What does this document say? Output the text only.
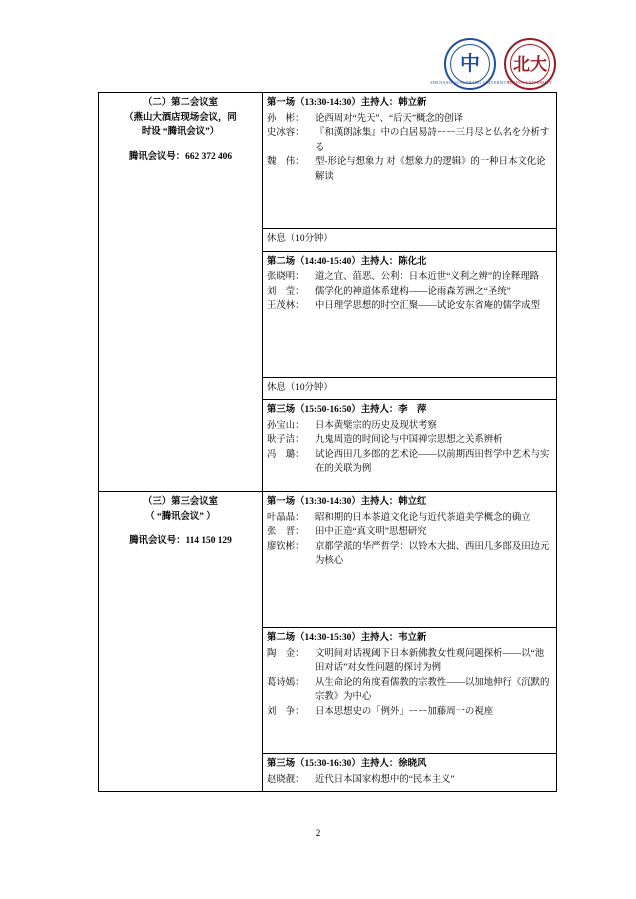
中
ZHEJIANG GONGSHANG UNIVERSITY
北大
PEKING UNIVERSITY
（二）第二会议室
（燕山大酒店现场会议，同
时设 “腾讯会议”）
腾讯会议号：662 372 406

第一场（13:30-14:30）主持人：韩立新
孙　彬：	论西周对“先天”、“后天”概念的创译
史冰容：	『和漢朗詠集』中の白居易詩ーー三月尽と仏名を分析する
魏　伟：	型-形论与想象力 对《想象力的逻辑》的一种日本文化论解读

	休息（10分钟）

第二场（14:40-15:40）主持人：陈化北
张晓明：	道之宜、菹恶、公利：日本近世“义利之辨”的诠释理路
刘　莹：	儒学化的神道体系建构——论雨森芳洲之“圣统”
王茂林：	中日理学思想的时空汇聚——试论安东省庵的儒学成型

	休息（10分钟）

第三场（15:50-16:50）主持人：李　萍
孙宝山：	日本黄檗宗的历史及现状考察
耿子洁：	九鬼周造的时间论与中国禅宗思想之关系辨析
冯　璐：	试论西田几多郎的艺术论——以前期西田哲学中艺术与实在的关联为例

（三）第三会议室
（ “腾讯会议” ）
腾讯会议号：114 150 129

第一场（13:30-14:30）主持人：韩立红
叶晶晶：	昭和期的日本茶道文化论与近代茶道美学概念的确立
张　晋：	田中正造“真文明”思想研究
廖钦彬：	京都学派的华严哲学：以铃木大拙、西田几多郎及田边元为核心

第二场（14:30-15:30）主持人：韦立新
陶　金：	文明间对话视阈下日本新佛教女性观问题探析——以“池田对话”对女性问题的探讨为例
葛诗嫣：	从生命论的角度看儒教的宗教性——以加地伸行《沉默的宗教》为中心
刘　争：	日本思想史の「例外」ーー加藤周一の視座

	第三场（15:30-16:30）主持人：徐晓风
赵晓靓： 近代日本国家构想中的“民本主义”
2
